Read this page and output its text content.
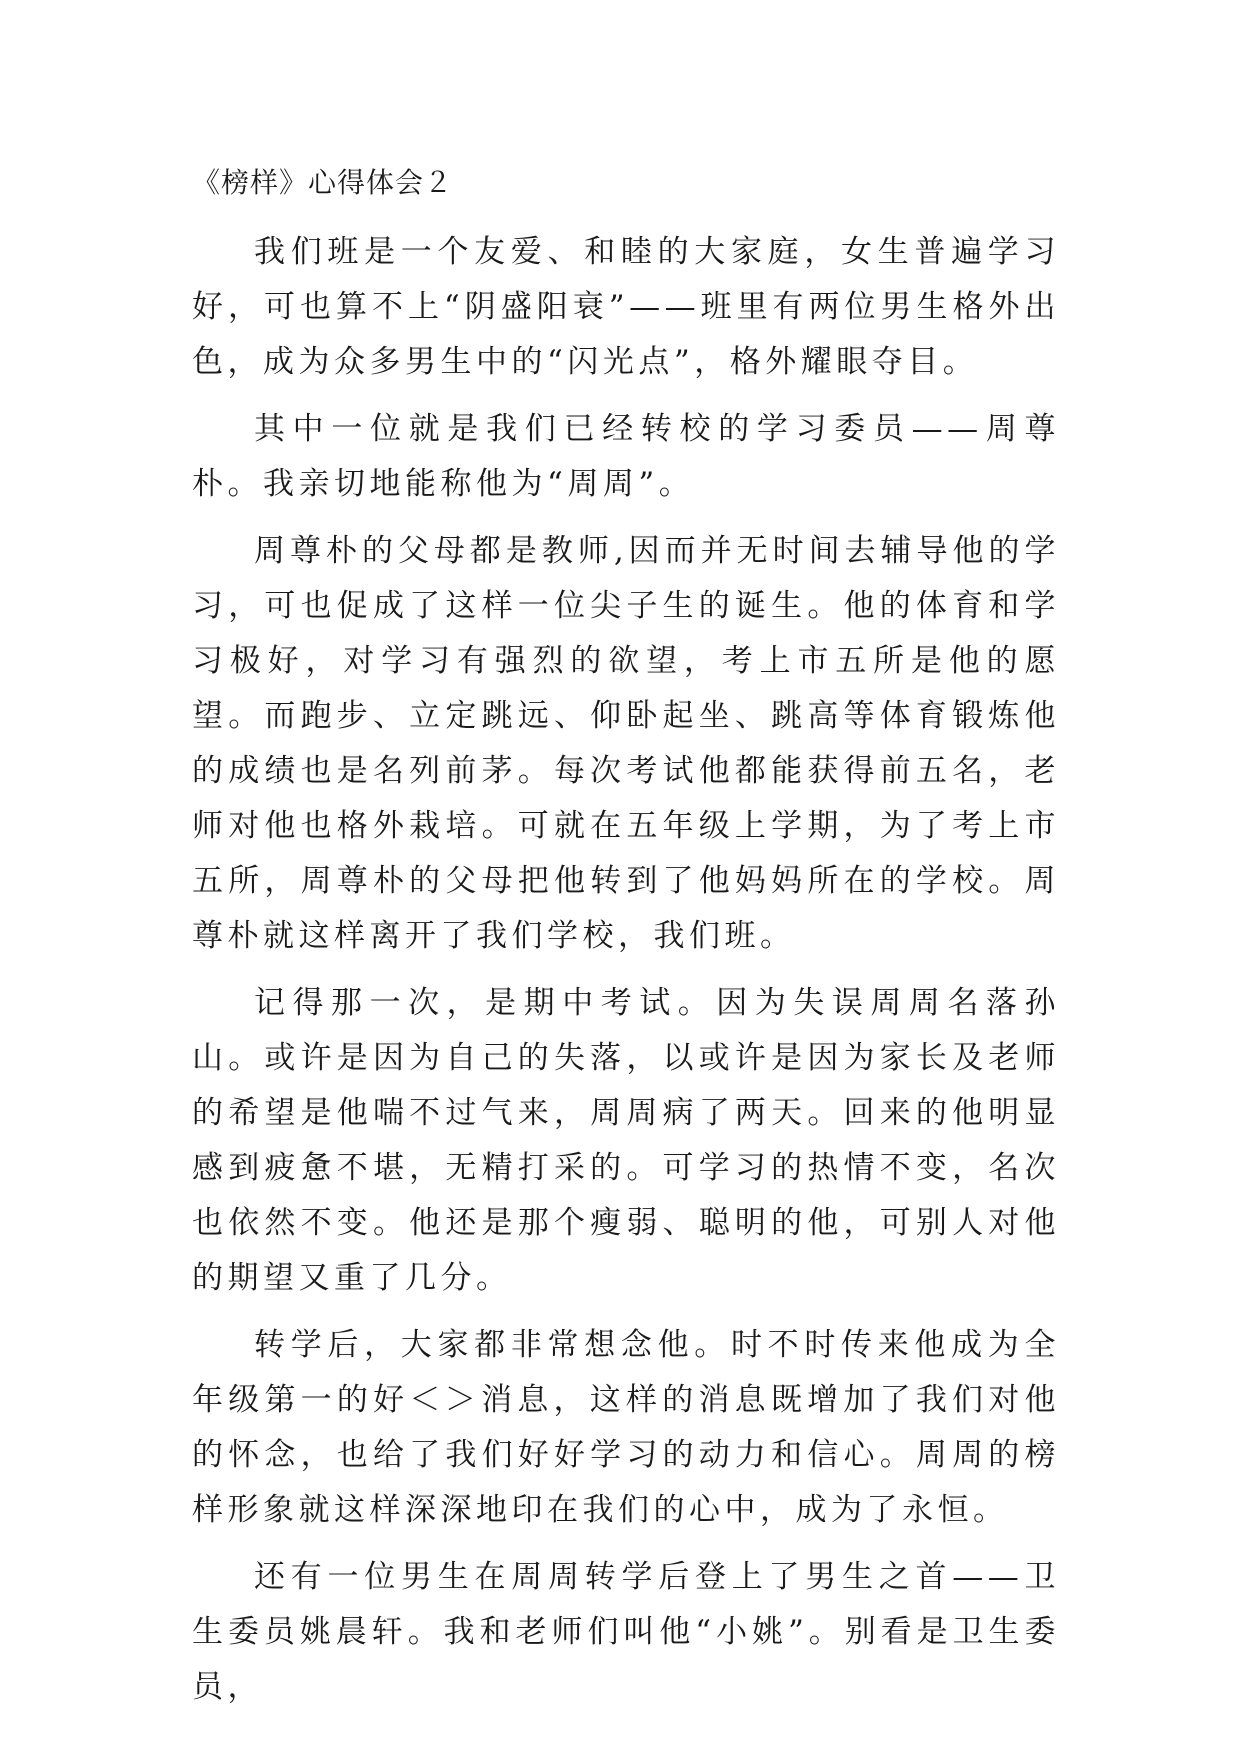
《榜样》心得体会２

我们班是一个友爱、和睦的大家庭，女生普遍学习好，可也算不上“阴盛阳衰”——班里有两位男生格外出色，成为众多男生中的“闪光点”，格外耀眼夺目。

其中一位就是我们已经转校的学习委员——周尊朴。我亲切地能称他为“周周”。

周尊朴的父母都是教师,因而并无时间去辅导他的学习，可也促成了这样一位尖子生的诞生。他的体育和学习极好，对学习有强烈的欲望，考上市五所是他的愿望。而跑步、立定跳远、仰卧起坐、跳高等体育锻炼他的成绩也是名列前茅。每次考试他都能获得前五名，老师对他也格外栽培。可就在五年级上学期，为了考上市五所，周尊朴的父母把他转到了他妈妈所在的学校。周尊朴就这样离开了我们学校，我们班。

记得那一次，是期中考试。因为失误周周名落孙山。或许是因为自己的失落，以或许是因为家长及老师的希望是他喘不过气来，周周病了两天。回来的他明显感到疲惫不堪，无精打采的。可学习的热情不变，名次也依然不变。他还是那个瘦弱、聪明的他，可别人对他的期望又重了几分。

转学后，大家都非常想念他。时不时传来他成为全年级第一的好＜＞消息，这样的消息既增加了我们对他的怀念，也给了我们好好学习的动力和信心。周周的榜样形象就这样深深地印在我们的心中，成为了永恒。

还有一位男生在周周转学后登上了男生之首——卫生委员姚晨轩。我和老师们叫他“小姚”。别看是卫生委员，
